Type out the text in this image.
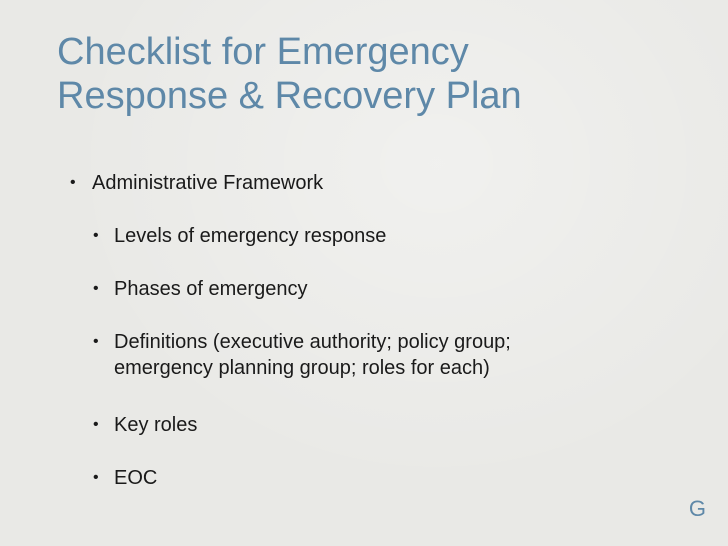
Checklist for Emergency
Response & Recovery Plan
• Administrative Framework
• Levels of emergency response
• Phases of emergency
• Definitions (executive authority; policy group; emergency planning group; roles for each)
• Key roles
• EOC
G
